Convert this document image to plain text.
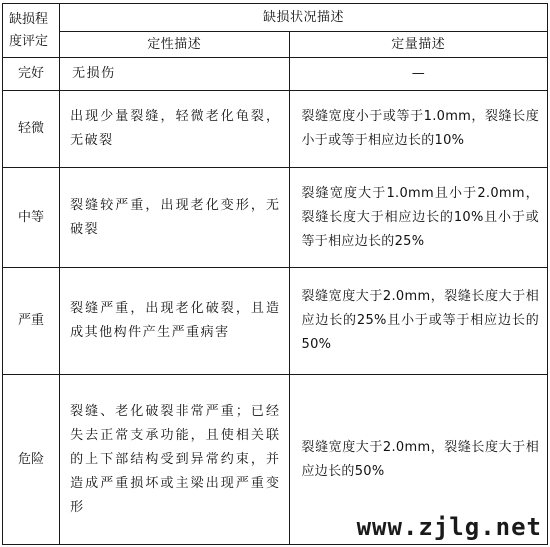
缺损程度评定	缺损状况描述	
	定性描述	定量描述
完好	无损伤	—
轻微	出现少量裂缝，轻微老化龟裂，无破裂	裂缝宽度小于或等于1.0mm，裂缝长度小于或等于相应边长的10%
中等	裂缝较严重，出现老化变形，无破裂	裂缝宽度大于1.0mm且小于2.0mm，裂缝长度大于相应边长的10%且小于或等于相应边长的25%
严重	裂缝严重，出现老化破裂，且造成其他构件产生严重病害	裂缝宽度大于2.0mm，裂缝长度大于相应边长的25%且小于或等于相应边长的50%
危险	裂缝、老化破裂非常严重；已经失去正常支承功能，且使相关联的上下部结构受到异常约束，并造成严重损坏或主梁出现严重变形	裂缝宽度大于2.0mm，裂缝长度大于相应边长的50%
www.zjlg.net
